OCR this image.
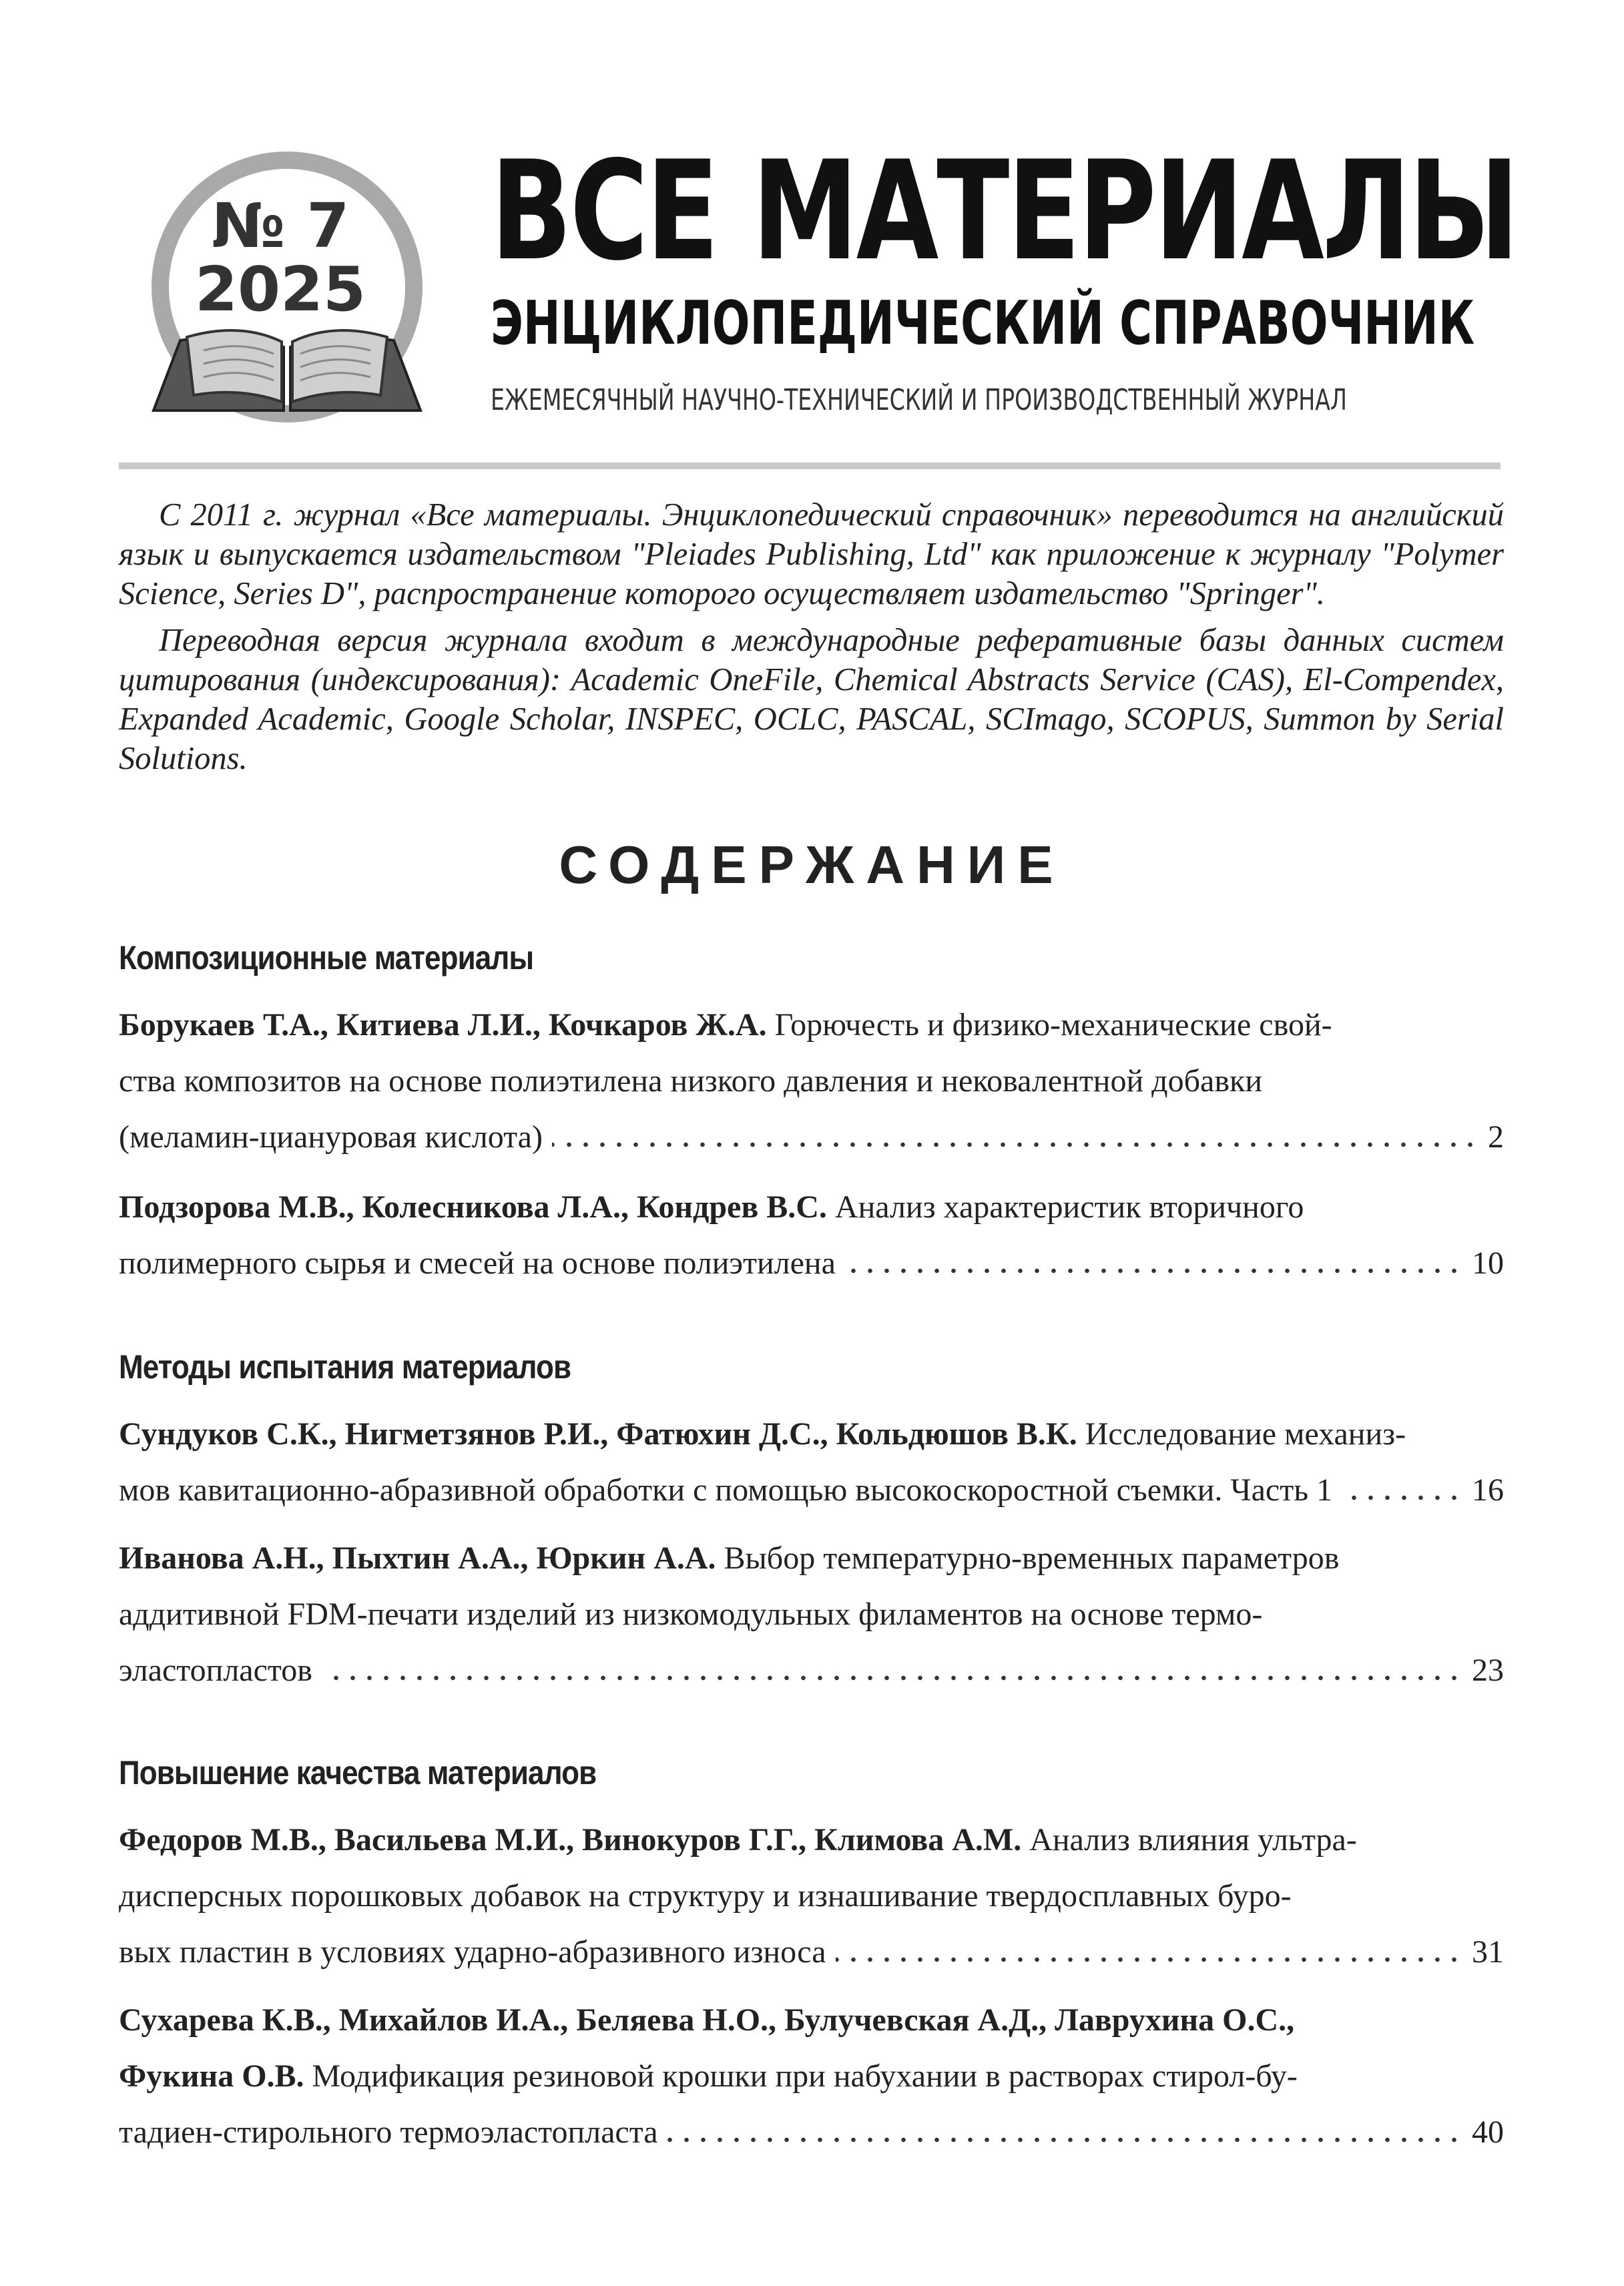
№ 7
2025 ВСЕ МАТЕРИАЛЫ
ЭНЦИКЛОПЕДИЧЕСКИЙ СПРАВОЧНИК
ЕЖЕМЕСЯЧНЫЙ НАУЧНО-ТЕХНИЧЕСКИЙ И ПРОИЗВОДСТВЕННЫЙ ЖУРНАЛ
С 2011 г. журнал «Все материалы. Энциклопедический справочник» переводится на английский язык и выпускается издательством "Pleiades Publishing, Ltd" как приложение к журналу "Polymer Science, Series D", распространение которого осуществляет издательство "Springer".
Переводная версия журнала входит в международные реферативные базы данных систем цитирования (индексирования): Academic OneFile, Chemical Abstracts Service (CAS), El-Compendex, Expanded Academic, Google Scholar, INSPEC, OCLC, PASCAL, SCImago, SCOPUS, Summon by Serial Solutions.
СОДЕРЖАНИЕ
Композиционные материалы
Борукаев Т.А., Китиева Л.И., Кочкаров Ж.А. Горючесть и физико-механические свой-
ства композитов на основе полиэтилена низкого давления и нековалентной добавки
(меламин-циануровая кислота)	2
Подзорова М.В., Колесникова Л.А., Кондрев В.С. Анализ характеристик вторичного
полимерного сырья и смесей на основе полиэтилена	10
Методы испытания материалов
Сундуков С.К., Нигметзянов Р.И., Фатюхин Д.С., Кольдюшов В.К. Исследование механиз-
мов кавитационно-абразивной обработки с помощью высокоскоростной съемки. Часть 1	16
Иванова А.Н., Пыхтин А.А., Юркин А.А. Выбор температурно-временных параметров
аддитивной FDM-печати изделий из низкомодульных филаментов на основе термо-
эластопластов	23
Повышение качества материалов
Федоров М.В., Васильева М.И., Винокуров Г.Г., Климова А.М. Анализ влияния ультра-
дисперсных порошковых добавок на структуру и изнашивание твердосплавных буро-
вых пластин в условиях ударно-абразивного износа	31
Сухарева К.В., Михайлов И.А., Беляева Н.О., Булучевская А.Д., Лаврухина О.С.,
Фукина О.В. Модификация резиновой крошки при набухании в растворах стирол-бу-
тадиен-стирольного термоэластопласта	40
